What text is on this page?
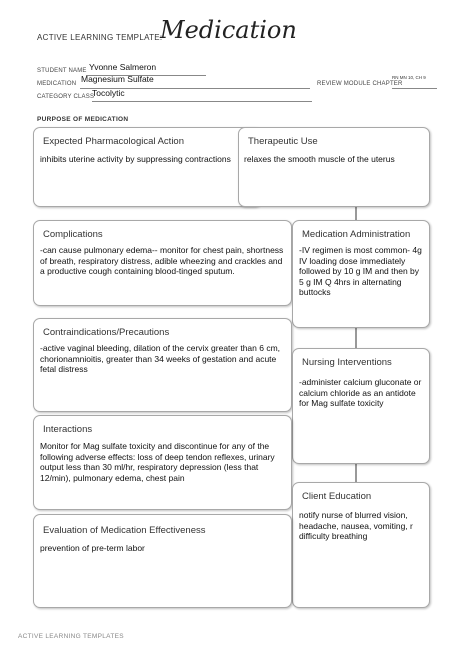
ACTIVE LEARNING TEMPLATE:
Medication
STUDENT NAME Yvonne Salmeron
MEDICATION Magnesium Sulfate	REVIEW MODULE CHAPTER
RN MN 10, CH 9
CATEGORY CLASS
Tocolytic
PURPOSE OF MEDICATION
Expected Pharmacological Action
inhibits uterine activity by suppressing contractions
Therapeutic Use
relaxes the smooth muscle of the uterus
Complications
-can cause pulmonary edema-- monitor for chest pain, shortness of breath, respiratory distress, adible wheezing and crackles and a productive cough containing blood-tinged sputum.
Medication Administration
-IV regimen is most common- 4g IV loading dose immediately followed by 10 g IM and then by 5 g IM Q 4hrs in alternating buttocks
Contraindications/Precautions
-active vaginal bleeding, dilation of the cervix greater than 6 cm, chorionamnioitis, greater than 34 weeks of gestation and acute fetal distress
Nursing Interventions
-administer calcium gluconate or calcium chloride as an antidote for Mag sulfate toxicity
Interactions
Monitor for Mag sulfate toxicity and discontinue for any of the following adverse effects: loss of deep tendon reflexes, urinary output less than 30 ml/hr, respiratory depression (less that 12/min), pulmonary edema, chest pain
Client Education
notify nurse of blurred vision, headache, nausea, vomiting, r difficulty breathing
Evaluation of Medication Effectiveness
prevention of pre-term labor
ACTIVE LEARNING TEMPLATES
